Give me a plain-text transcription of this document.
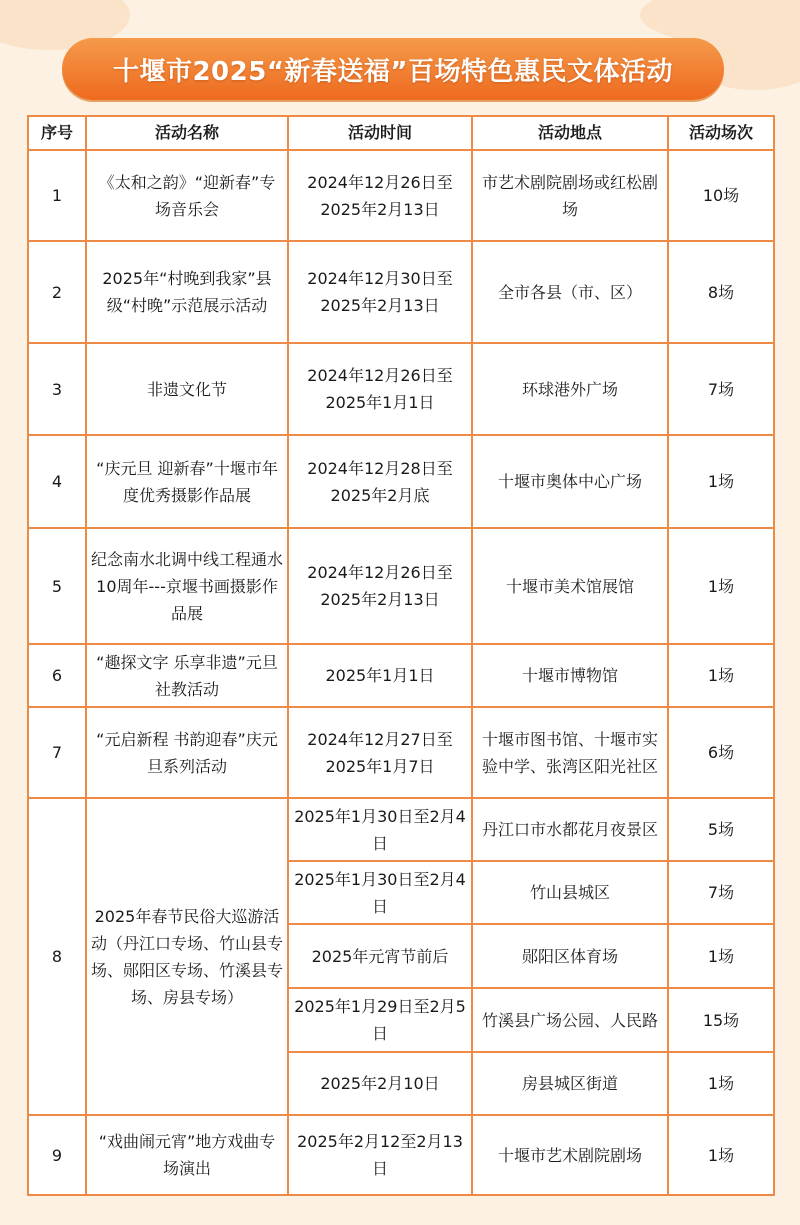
十堰市2025“新春送福”百场特色惠民文体活动
序号	活动名称	活动时间	活动地点	活动场次
1	《太和之韵》“迎新春”专场音乐会	2024年12月26日至2025年2月13日	市艺术剧院剧场或红松剧场	10场
2	2025年“村晚到我家”县级“村晚”示范展示活动	2024年12月30日至2025年2月13日	全市各县（市、区）	8场
3	非遗文化节	2024年12月26日至2025年1月1日	环球港外广场	7场
4	“庆元旦 迎新春”十堰市年度优秀摄影作品展	2024年12月28日至2025年2月底	十堰市奥体中心广场	1场
5	纪念南水北调中线工程通水10周年---京堰书画摄影作品展	2024年12月26日至2025年2月13日	十堰市美术馆展馆	1场
6	“趣探文字 乐享非遗”元旦社教活动	2025年1月1日	十堰市博物馆	1场
7	“元启新程 书韵迎春”庆元旦系列活动	2024年12月27日至2025年1月7日	十堰市图书馆、十堰市实验中学、张湾区阳光社区	6场
8	2025年春节民俗大巡游活动（丹江口专场、竹山县专场、郧阳区专场、竹溪县专场、房县专场）	2025年1月30日至2月4日	丹江口市水都花月夜景区	5场
		2025年1月30日至2月4日	竹山县城区	7场
		2025年元宵节前后	郧阳区体育场	1场
		2025年1月29日至2月5日	竹溪县广场公园、人民路	15场
		2025年2月10日	房县城区街道	1场
9	“戏曲闹元宵”地方戏曲专场演出	2025年2月12至2月13日	十堰市艺术剧院剧场	1场
